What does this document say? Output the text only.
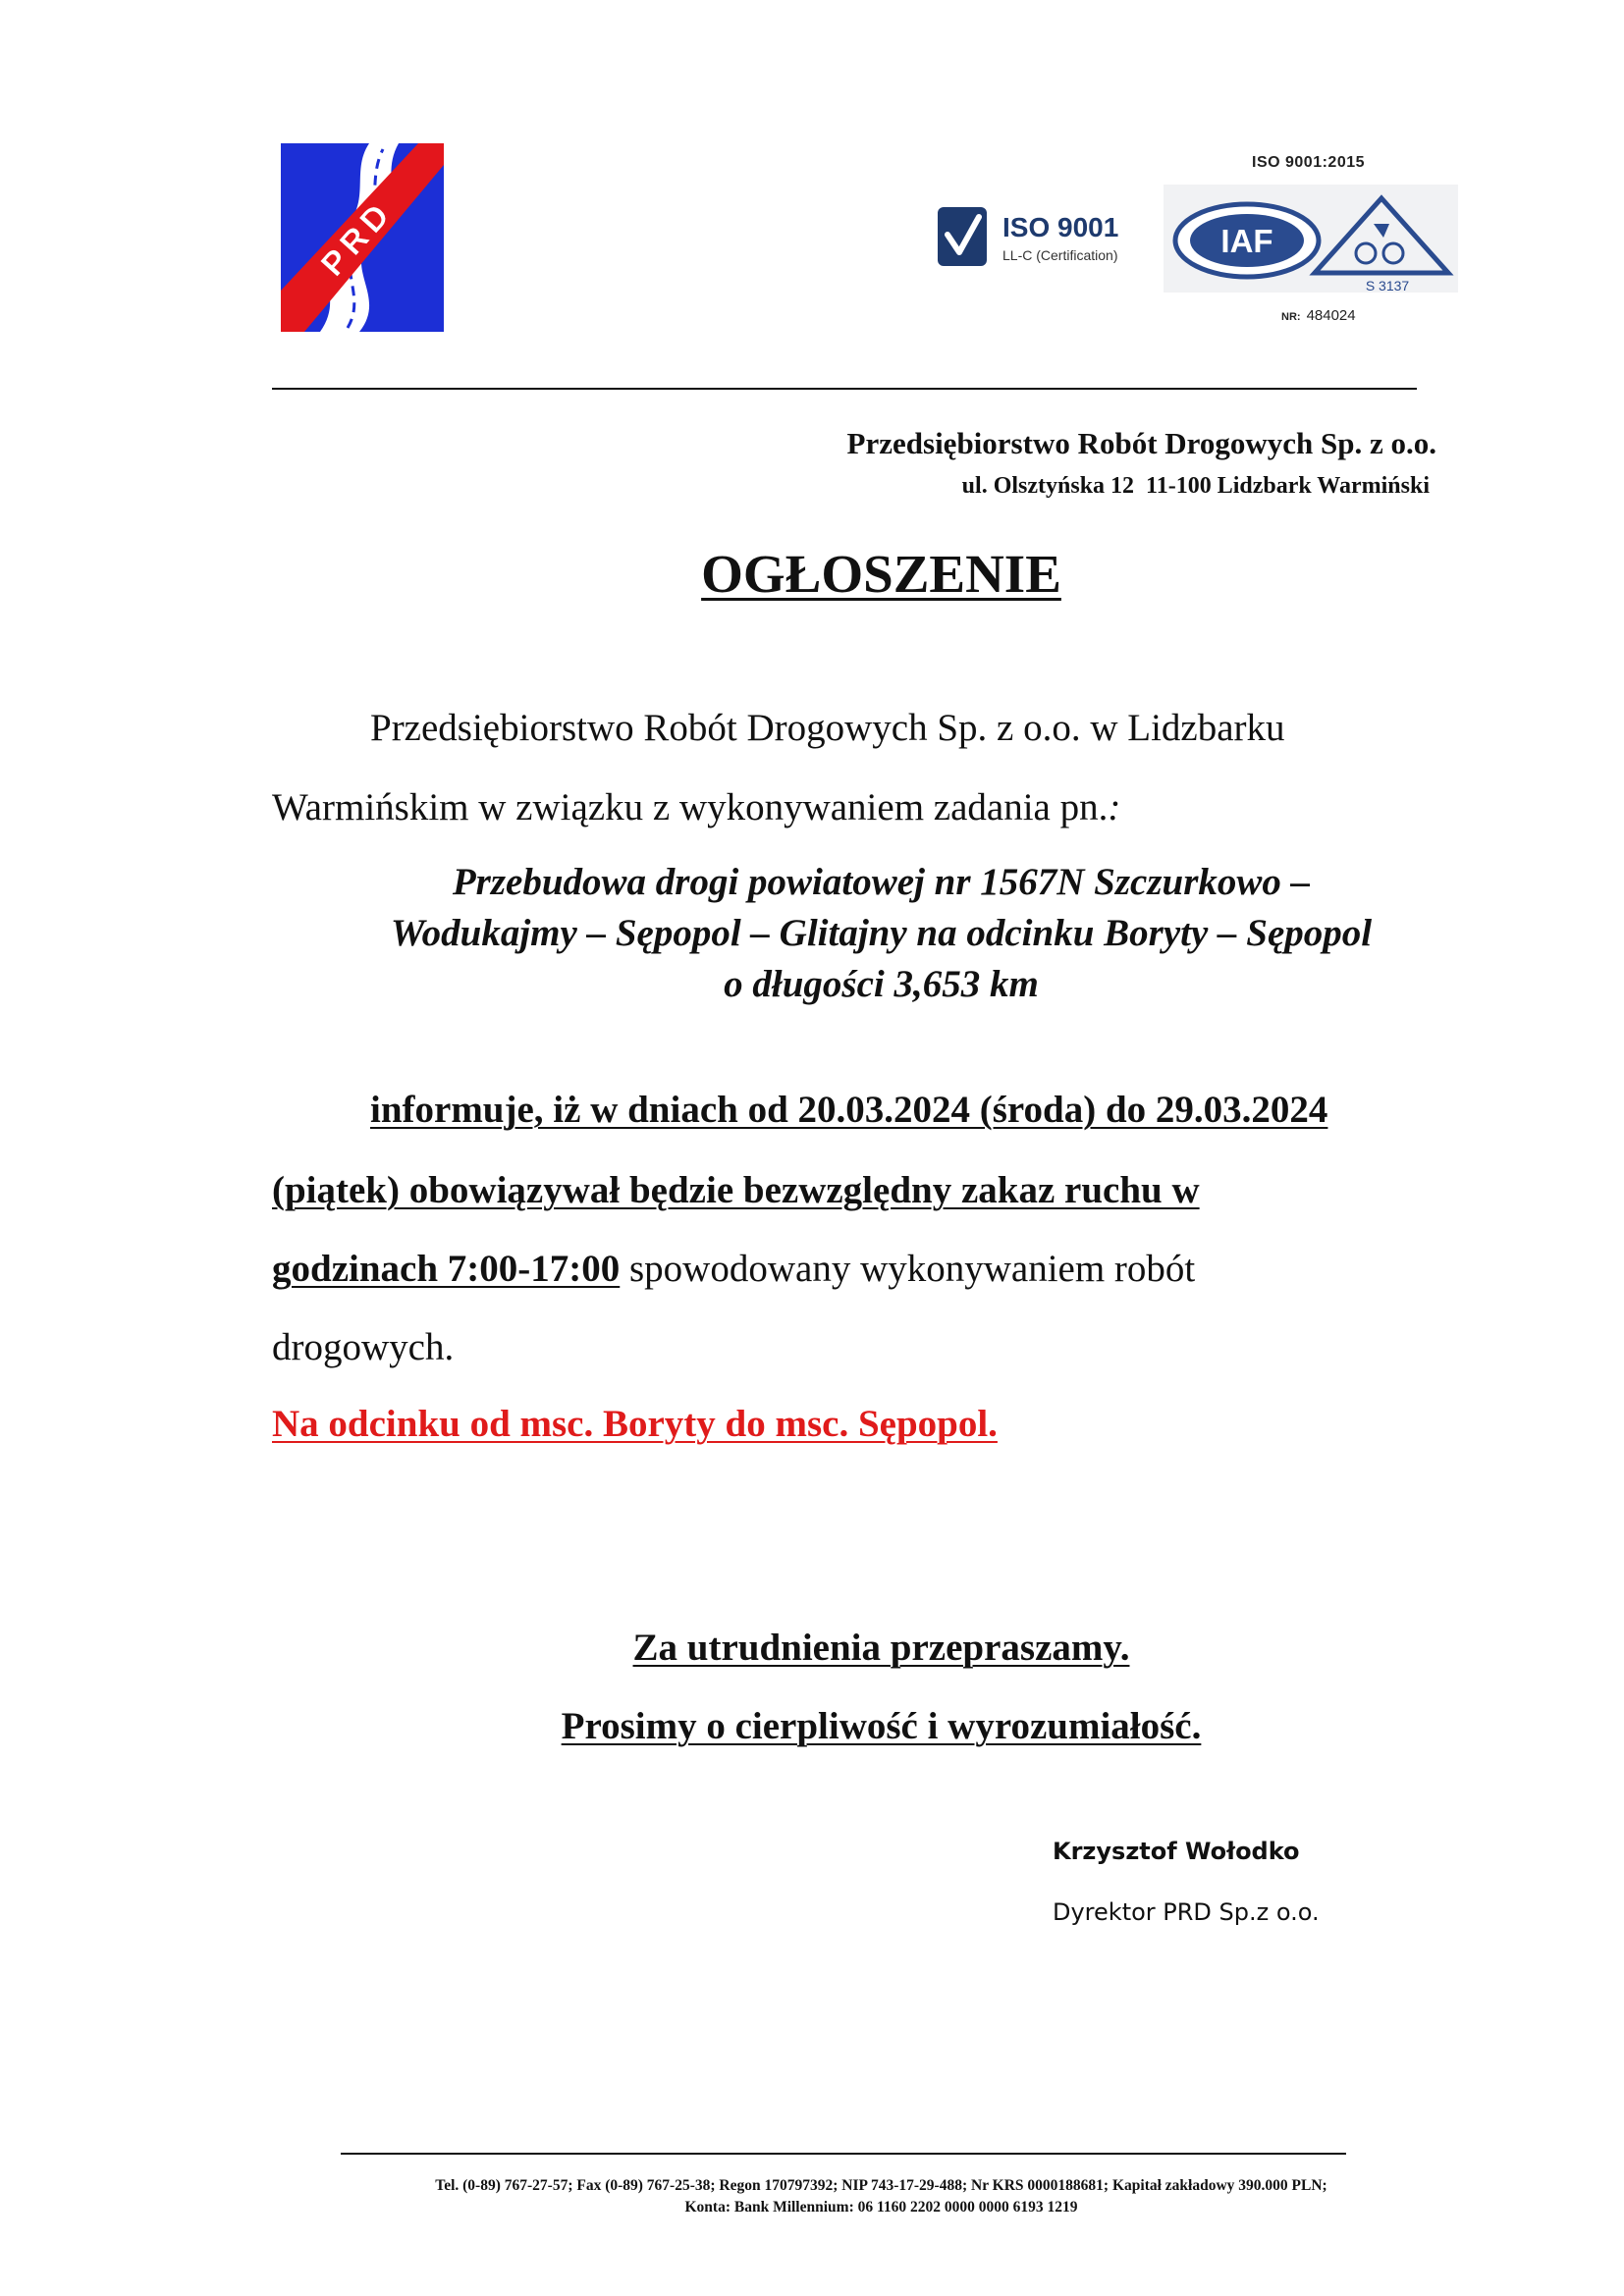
PRD	ISO 9001
LL-C (Certification)
ISO 9001:2015
IAF
S 3137
NR: 484024
Przedsiębiorstwo Robót Drogowych Sp. z o.o.
ul. Olsztyńska 12  11-100 Lidzbark Warmiński
OGŁOSZENIE
Przedsiębiorstwo Robót Drogowych Sp. z o.o. w Lidzbarku
Warmińskim w związku z wykonywaniem zadania pn.:
Przebudowa drogi powiatowej nr 1567N Szczurkowo –
Wodukajmy – Sępopol – Glitajny na odcinku Boryty – Sępopol
o długości 3,653 km
informuje, iż w dniach od 20.03.2024 (środa) do 29.03.2024
(piątek) obowiązywał będzie bezwzględny zakaz ruchu w
godzinach 7:00-17:00 spowodowany wykonywaniem robót
drogowych.
Na odcinku od msc. Boryty do msc. Sępopol.
Za utrudnienia przepraszamy.
Prosimy o cierpliwość i wyrozumiałość.
Krzysztof Wołodko
Dyrektor PRD Sp.z o.o.
Tel. (0-89) 767-27-57; Fax (0-89) 767-25-38; Regon 170797392; NIP 743-17-29-488; Nr KRS 0000188681; Kapitał zakładowy 390.000 PLN;
Konta: Bank Millennium: 06 1160 2202 0000 0000 6193 1219
